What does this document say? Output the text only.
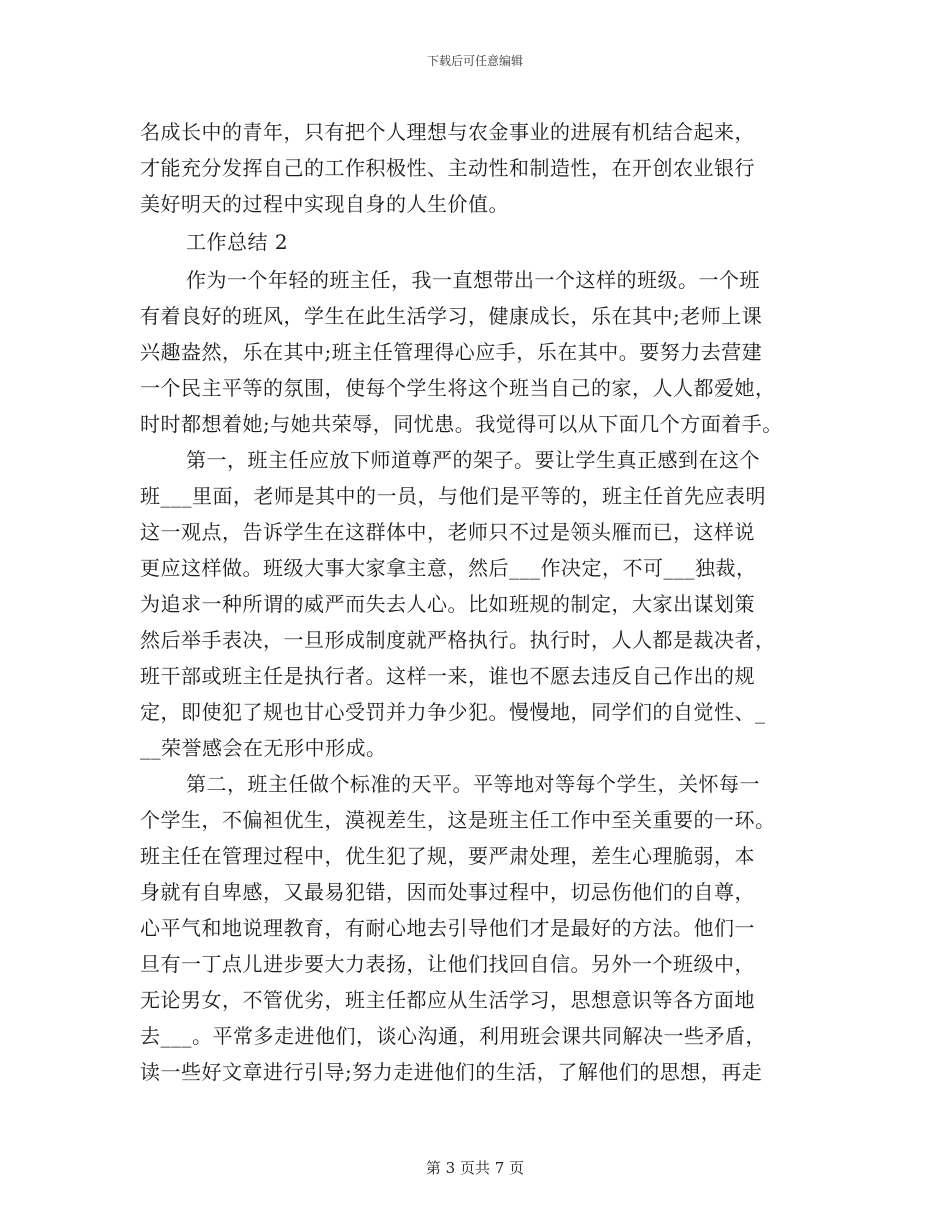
下载后可任意编辑
名成长中的青年，只有把个人理想与农金事业的进展有机结合起来，
才能充分发挥自己的工作积极性、主动性和制造性，在开创农业银行
美好明天的过程中实现自身的人生价值。
工作总结 2
作为一个年轻的班主任，我一直想带出一个这样的班级。一个班
有着良好的班风，学生在此生活学习，健康成长，乐在其中;老师上课
兴趣盎然，乐在其中;班主任管理得心应手，乐在其中。要努力去营建
一个民主平等的氛围，使每个学生将这个班当自己的家，人人都爱她，
时时都想着她;与她共荣辱，同忧患。我觉得可以从下面几个方面着手。
第一，班主任应放下师道尊严的架子。要让学生真正感到在这个
班___里面，老师是其中的一员，与他们是平等的，班主任首先应表明
这一观点，告诉学生在这群体中，老师只不过是领头雁而已，这样说
更应这样做。班级大事大家拿主意，然后___作决定，不可___独裁，
为追求一种所谓的威严而失去人心。比如班规的制定，大家出谋划策
然后举手表决，一旦形成制度就严格执行。执行时，人人都是裁决者，
班干部或班主任是执行者。这样一来，谁也不愿去违反自己作出的规
定，即使犯了规也甘心受罚并力争少犯。慢慢地，同学们的自觉性、_
__荣誉感会在无形中形成。
第二，班主任做个标准的天平。平等地对等每个学生，关怀每一
个学生，不偏袒优生，漠视差生，这是班主任工作中至关重要的一环。
班主任在管理过程中，优生犯了规，要严肃处理，差生心理脆弱，本
身就有自卑感，又最易犯错，因而处事过程中，切忌伤他们的自尊，
心平气和地说理教育，有耐心地去引导他们才是最好的方法。他们一
旦有一丁点儿进步要大力表扬，让他们找回自信。另外一个班级中，
无论男女，不管优劣，班主任都应从生活学习，思想意识等各方面地
去___。平常多走进他们，谈心沟通，利用班会课共同解决一些矛盾，
读一些好文章进行引导;努力走进他们的生活，了解他们的思想，再走
第 3 页共 7 页
